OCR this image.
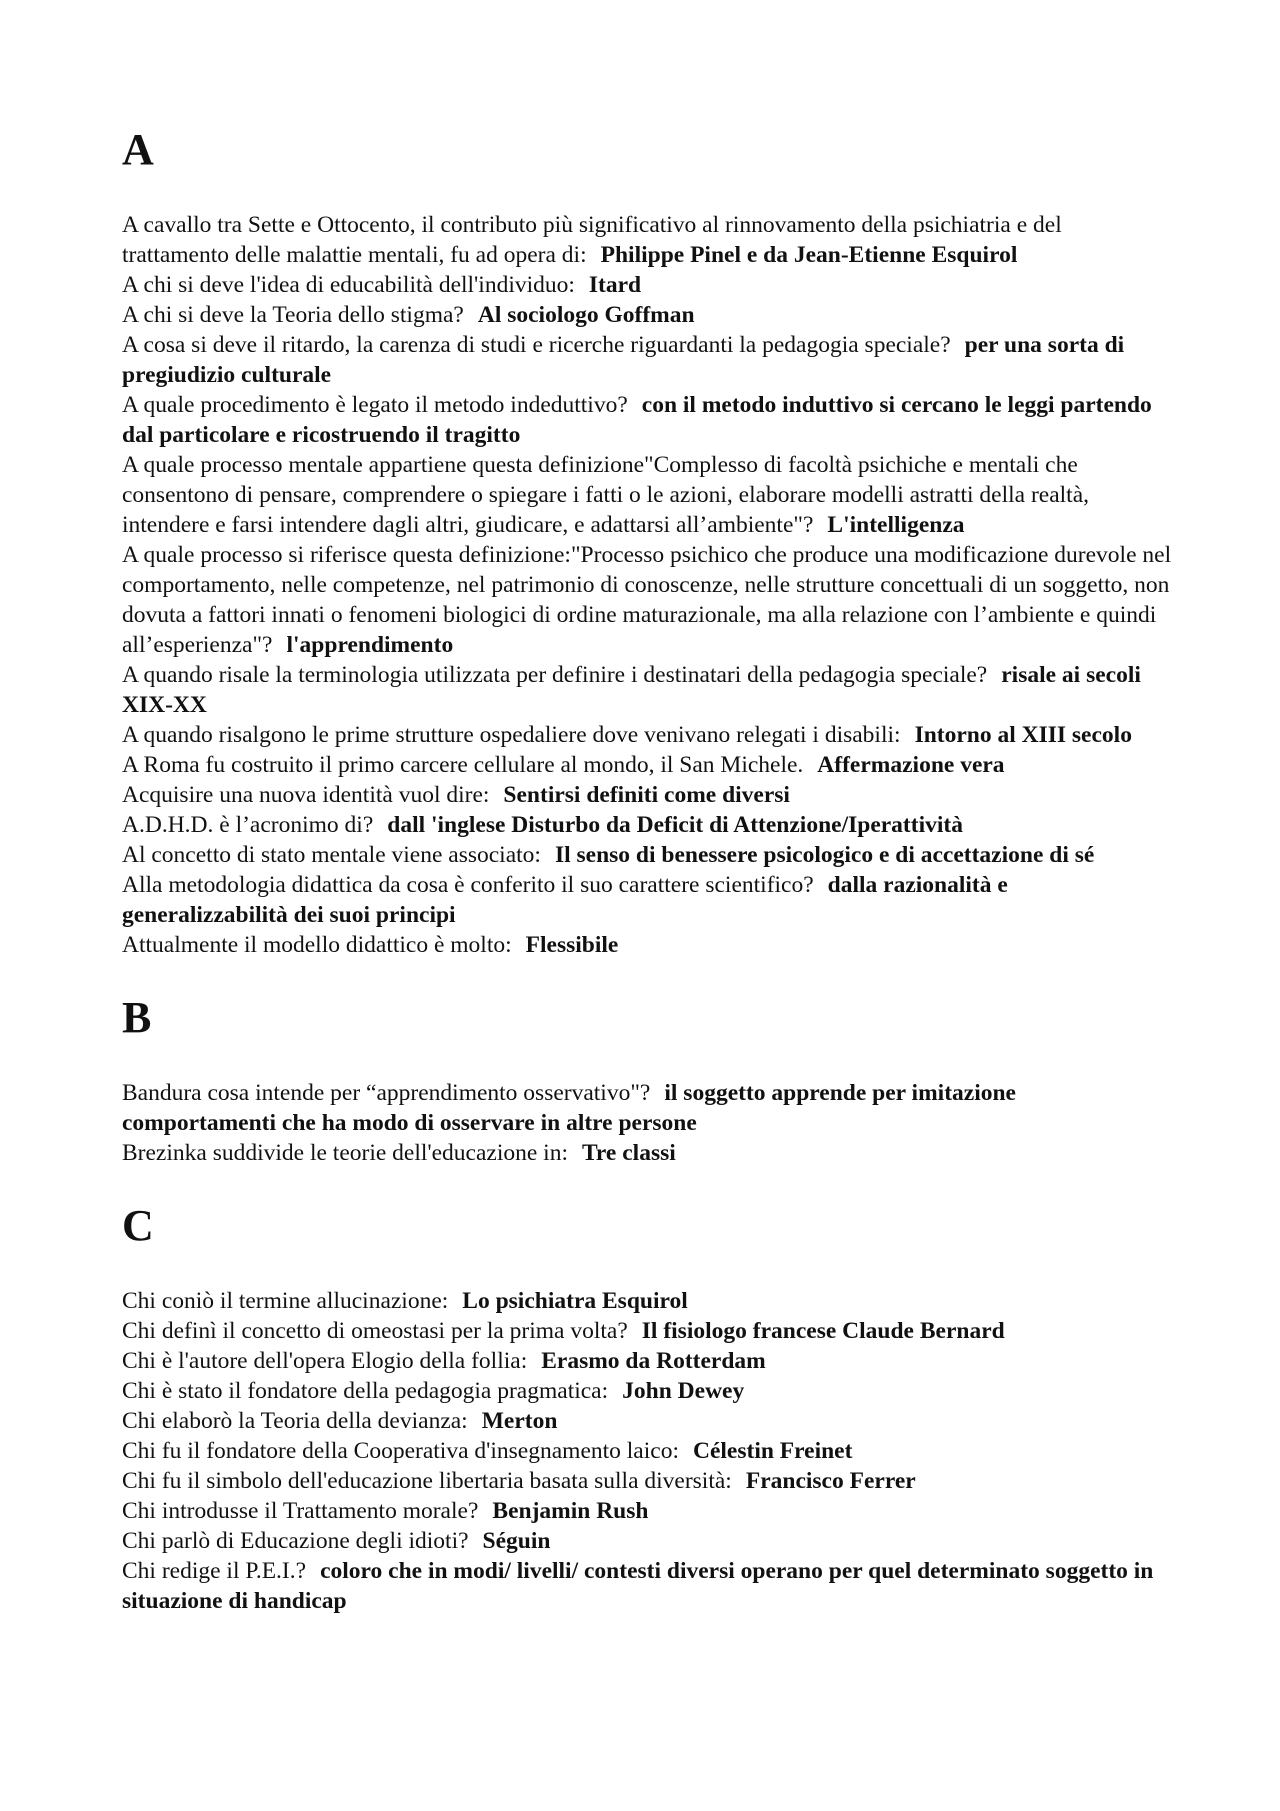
A
A cavallo tra Sette e Ottocento, il contributo più significativo al rinnovamento della psichiatria e del trattamento delle malattie mentali, fu ad opera di: Philippe Pinel e da Jean-Etienne Esquirol
A chi si deve l'idea di educabilità dell'individuo: Itard
A chi si deve la Teoria dello stigma? Al sociologo Goffman
A cosa si deve il ritardo, la carenza di studi e ricerche riguardanti la pedagogia speciale? per una sorta di pregiudizio culturale
A quale procedimento è legato il metodo indeduttivo? con il metodo induttivo si cercano le leggi partendo dal particolare e ricostruendo il tragitto
A quale processo mentale appartiene questa definizione"Complesso di facoltà psichiche e mentali che consentono di pensare, comprendere o spiegare i fatti o le azioni, elaborare modelli astratti della realtà, intendere e farsi intendere dagli altri, giudicare, e adattarsi all’ambiente"? L'intelligenza
A quale processo si riferisce questa definizione:"Processo psichico che produce una modificazione durevole nel comportamento, nelle competenze, nel patrimonio di conoscenze, nelle strutture concettuali di un soggetto, non dovuta a fattori innati o fenomeni biologici di ordine maturazionale, ma alla relazione con l’ambiente e quindi all’esperienza"? l'apprendimento
A quando risale la terminologia utilizzata per definire i destinatari della pedagogia speciale? risale ai secoli XIX-XX
A quando risalgono le prime strutture ospedaliere dove venivano relegati i disabili: Intorno al XIII secolo
A Roma fu costruito il primo carcere cellulare al mondo, il San Michele. Affermazione vera
Acquisire una nuova identità vuol dire: Sentirsi definiti come diversi
A.D.H.D. è l’acronimo di? dall 'inglese Disturbo da Deficit di Attenzione/Iperattività
Al concetto di stato mentale viene associato: Il senso di benessere psicologico e di accettazione di sé
Alla metodologia didattica da cosa è conferito il suo carattere scientifico? dalla razionalità e generalizzabilità dei suoi principi
Attualmente il modello didattico è molto: Flessibile
B
Bandura cosa intende per “apprendimento osservativo"? il soggetto apprende per imitazione comportamenti che ha modo di osservare in altre persone
Brezinka suddivide le teorie dell'educazione in: Tre classi
C
Chi coniò il termine allucinazione: Lo psichiatra Esquirol
Chi definì il concetto di omeostasi per la prima volta? Il fisiologo francese Claude Bernard
Chi è l'autore dell'opera Elogio della follia: Erasmo da Rotterdam
Chi è stato il fondatore della pedagogia pragmatica: John Dewey
Chi elaborò la Teoria della devianza: Merton
Chi fu il fondatore della Cooperativa d'insegnamento laico: Célestin Freinet
Chi fu il simbolo dell'educazione libertaria basata sulla diversità: Francisco Ferrer
Chi introdusse il Trattamento morale? Benjamin Rush
Chi parlò di Educazione degli idioti? Séguin
Chi redige il P.E.I.? coloro che in modi/ livelli/ contesti diversi operano per quel determinato soggetto in situazione di handicap
